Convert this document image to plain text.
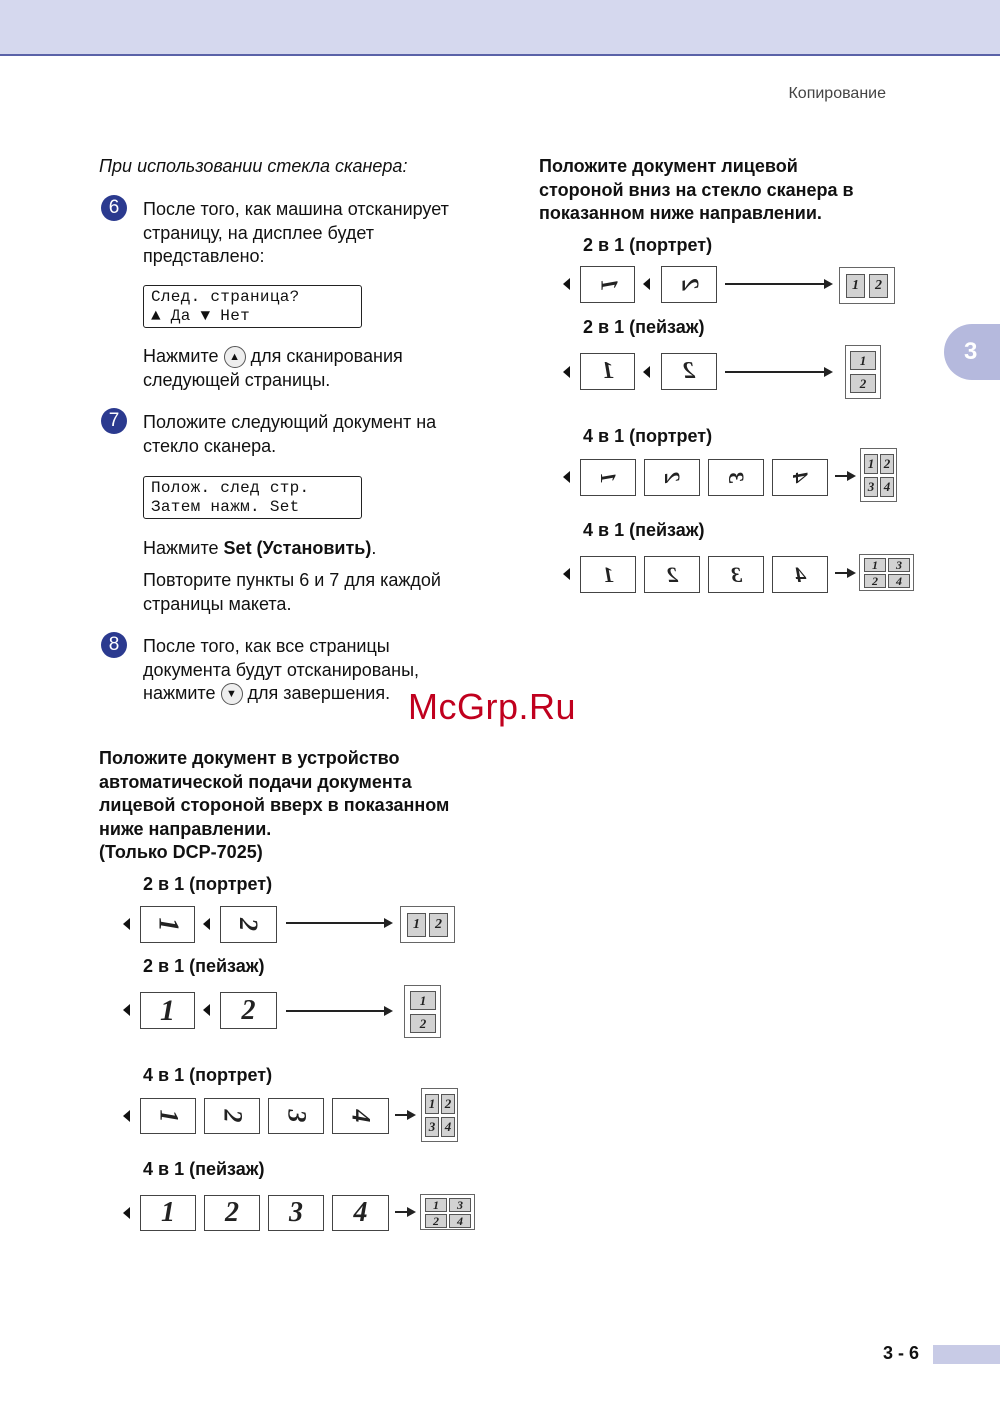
Копирование
3
При использовании стекла сканера:
6	После того, как машина отсканирует
страницу, на дисплее будет
представлено:
След. страница?
▲ Да ▼ Нет
Нажмите ▲ для сканирования
следующей страницы.
7	Положите следующий документ на
стекло сканера.
Полож. след стр.
Затем нажм. Set
Нажмите Set (Установить).
Повторите пункты 6 и 7 для каждой
страницы макета.
8	После того, как все страницы
документа будут отсканированы,
нажмите ▼ для завершения.
Положите документ в устройство
автоматической подачи документа
лицевой стороной вверх в показанном
ниже направлении.
(Только DCP-7025)
2 в 1 (портрет)
1	2	1	2
2 в 1 (пейзаж)
1	2	1
2
4 в 1 (портрет)
1	2	3	4
1 2
3 4
4 в 1 (пейзаж)
1	2	3	4	1	3
2	4
Положите документ лицевой
стороной вниз на стекло сканера в
показанном ниже направлении.
2 в 1 (портрет)
1	2	1	2
2 в 1 (пейзаж)
1	2	1
2
4 в 1 (портрет)
1	2	3	4
1 2
3 4
4 в 1 (пейзаж)
1	2	3	4	1	3
2	4
McGrp.Ru
3 - 6
